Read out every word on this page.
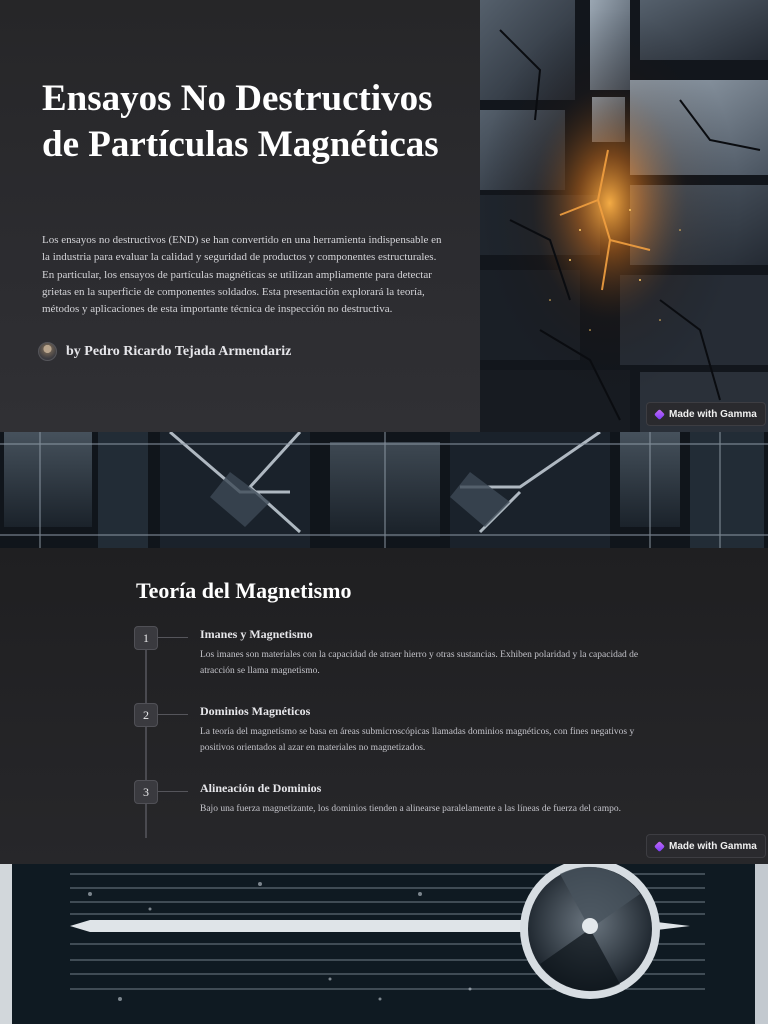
Ensayos No Destructivos de Partículas Magnéticas

Los ensayos no destructivos (END) se han convertido en una herramienta indispensable en la industria para evaluar la calidad y seguridad de productos y componentes estructurales. En particular, los ensayos de partículas magnéticas se utilizan ampliamente para detectar grietas en la superficie de componentes soldados. Esta presentación explorará la teoría, métodos y aplicaciones de esta importante técnica de inspección no destructiva.

by Pedro Ricardo Tejada Armendariz
Made with Gamma
Teoría del Magnetismo
1	Imanes y Magnetismo

Los imanes son materiales con la capacidad de atraer hierro y otras sustancias. Exhiben polaridad y la capacidad de atracción se llama magnetismo.

2	Dominios Magnéticos

La teoría del magnetismo se basa en áreas submicroscópicas llamadas dominios magnéticos, con fines negativos y positivos orientados al azar en materiales no magnetizados.

3	Alineación de Dominios

Bajo una fuerza magnetizante, los dominios tienden a alinearse paralelamente a las líneas de fuerza del campo.

Made with Gamma
